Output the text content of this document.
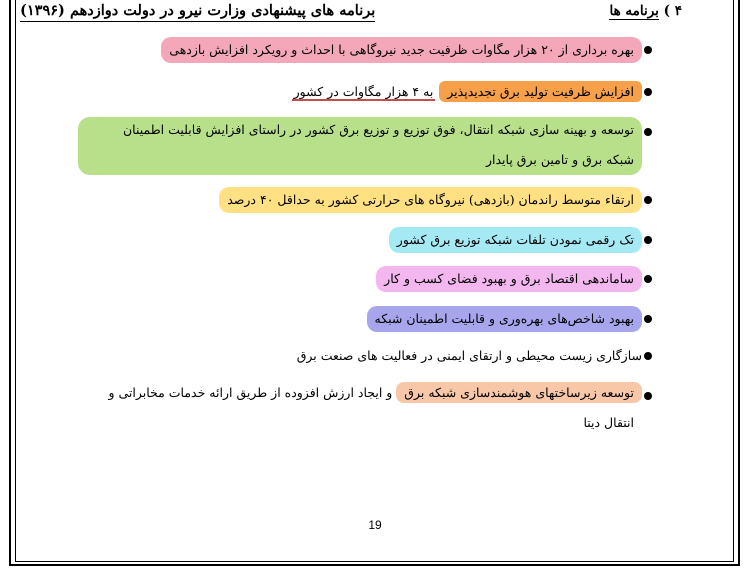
برنامه های پیشنهادی وزارت نیرو در دولت دوازدهم (۱۳۹۶)	۴ ) برنامه ها
بهره برداری از ۲۰ هزار مگاوات ظرفیت جدید نیروگاهی با احداث و رویکرد افزایش بازدهی
افزایش ظرفیت تولید برق تجدیدپذیر به ۴ هزار مگاوات در کشور
توسعه و بهینه سازی شبکه انتقال، فوق توزیع و توزیع برق کشور در راستای افزایش قابلیت اطمینان
شبکه برق و تامین برق پایدار
ارتقاء متوسط راندمان (بازدهی) نیروگاه های حرارتی کشور به حداقل ۴۰ درصد
تک رقمی نمودن تلفات شبکه توزیع برق کشور
ساماندهی اقتصاد برق و بهبود فضای کسب و کار
بهبود شاخص‌های بهره‌وری و قابلیت اطمینان شبکه
سازگاری زیست محیطی و ارتقای ایمنی در فعالیت های صنعت برق
توسعه زیرساختهای هوشمندسازی شبکه برق و ایجاد ارزش افزوده از طریق ارائه خدمات مخابراتی و
انتقال دیتا
19
